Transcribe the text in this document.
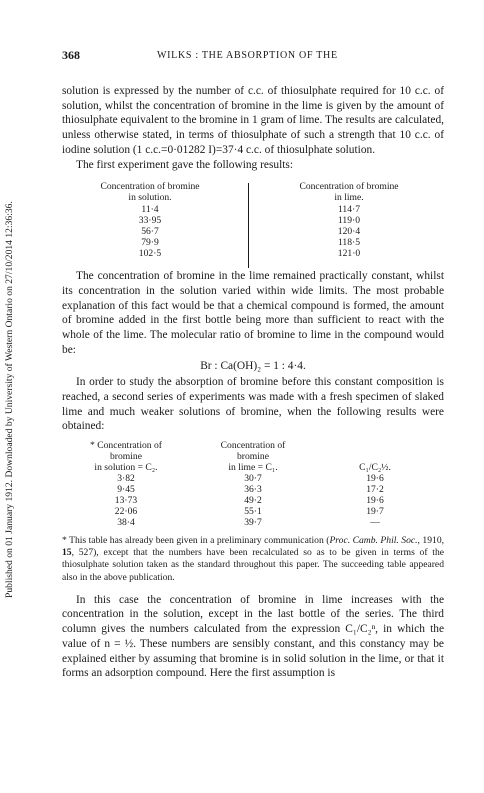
Published on 01 January 1912. Downloaded by University of Western Ontario on 27/10/2014 12:36:36.
368	WILKS : THE ABSORPTION OF THE

solution is expressed by the number of c.c. of thiosulphate required for 10 c.c. of solution, whilst the concentration of bromine in the lime is given by the amount of thiosulphate equivalent to the bromine in 1 gram of lime. The results are calculated, unless otherwise stated, in terms of thiosulphate of such a strength that 10 c.c. of iodine solution (1 c.c.=0·01282 I)=37·4 c.c. of thiosulphate solution.

The first experiment gave the following results:

Concentration of bromine
in solution.
11·4
33·95
56·7
79·9
102·5
Concentration of bromine
in lime.
114·7
119·0
120·4
118·5
121·0

The concentration of bromine in the lime remained practically constant, whilst its concentration in the solution varied within wide limits. The most probable explanation of this fact would be that a chemical compound is formed, the amount of bromine added in the first bottle being more than sufficient to react with the whole of the lime. The molecular ratio of bromine to lime in the compound would be:

Br : Ca(OH)₂ = 1 : 4·4.

In order to study the absorption of bromine before this constant composition is reached, a second series of experiments was made with a fresh specimen of slaked lime and much weaker solutions of bromine, when the following results were obtained:

* Concentration of
bromine
in solution = C₂.
3·82
9·45
13·73
22·06
38·4
Concentration of
bromine
in lime = C₁.
30·7
36·3
49·2
55·1
39·7
C₁/C₂½.
19·6
17·2
19·6
19·7
—
* This table has already been given in a preliminary communication (Proc. Camb. Phil. Soc., 1910, 15, 527), except that the numbers have been recalculated so as to be given in terms of the thiosulphate solution taken as the standard throughout this paper. The succeeding table appeared also in the above publication.

In this case the concentration of bromine in lime increases with the concentration in the solution, except in the last bottle of the series. The third column gives the numbers calculated from the expression C₁/C₂ⁿ, in which the value of n = ½. These numbers are sensibly constant, and this constancy may be explained either by assuming that bromine is in solid solution in the lime, or that it forms an adsorption compound. Here the first assumption is
